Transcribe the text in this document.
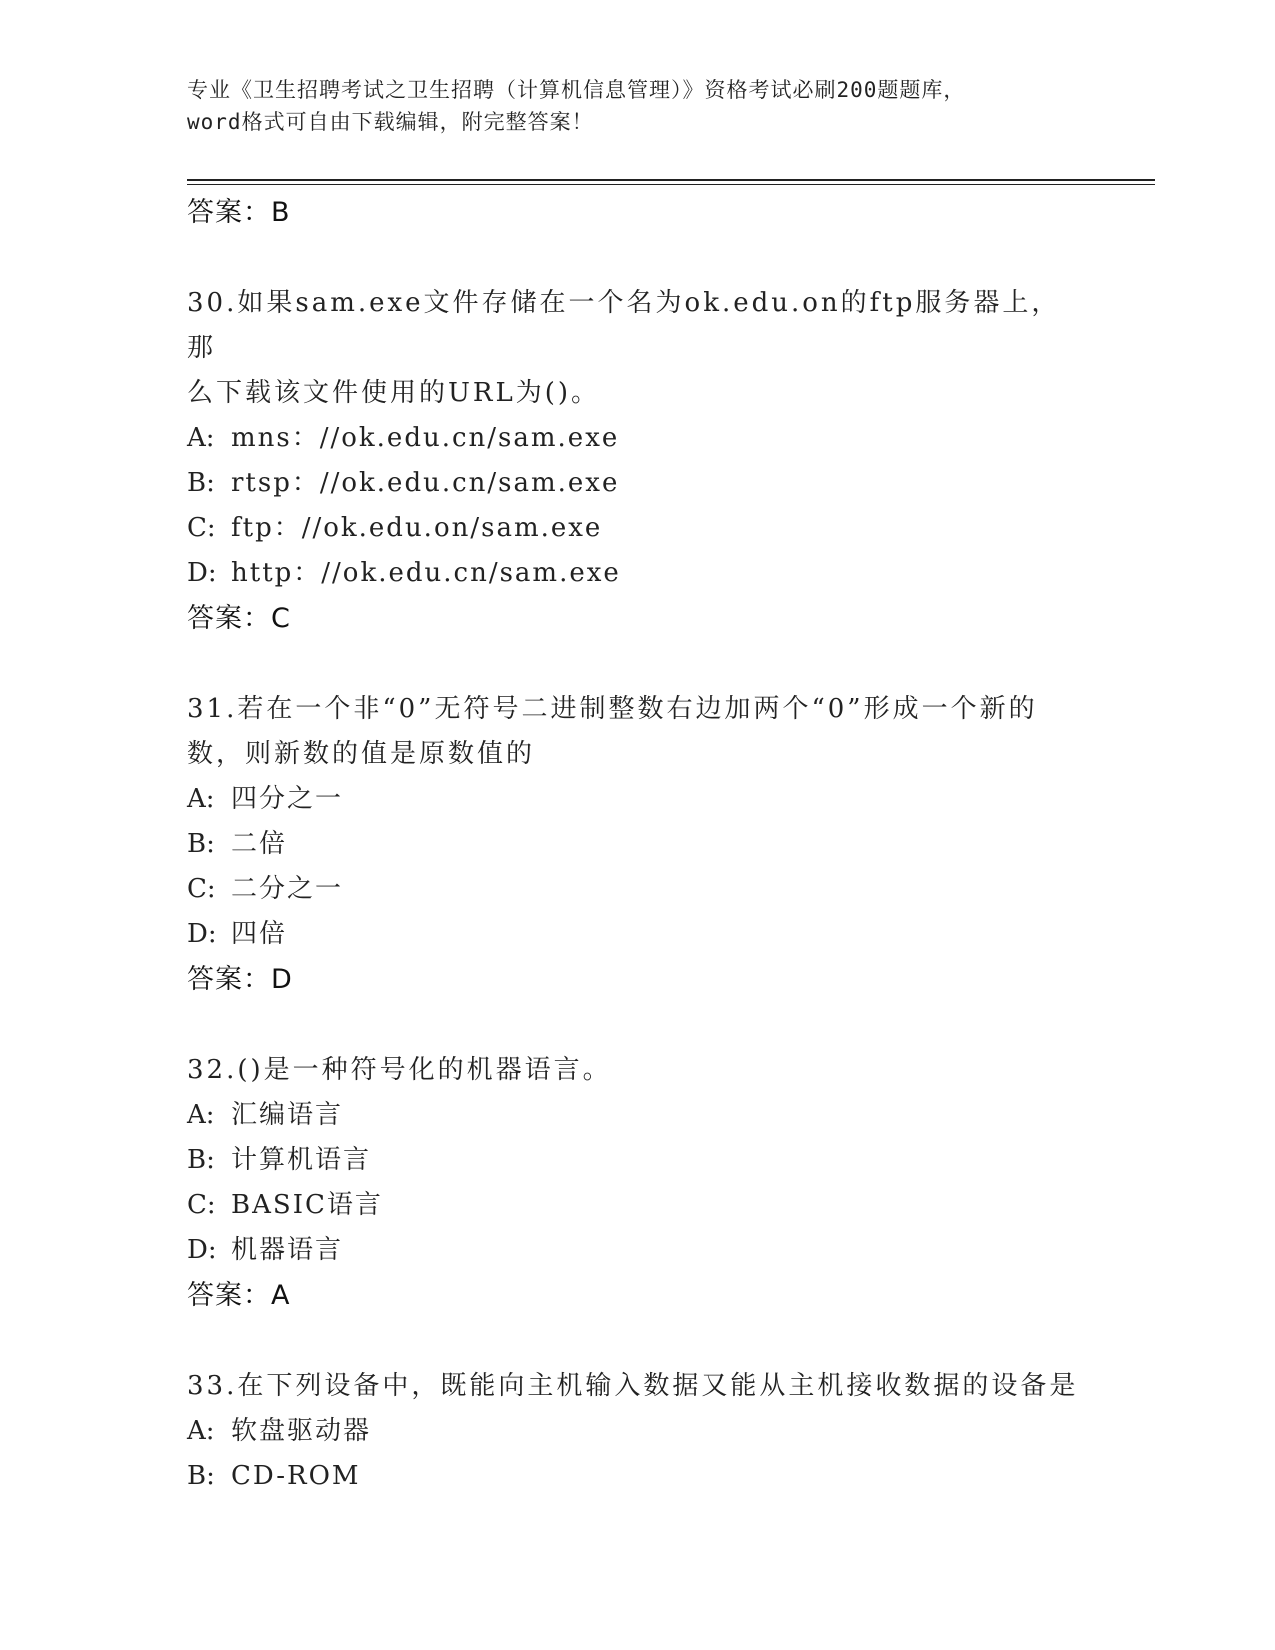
专业《卫生招聘考试之卫生招聘（计算机信息管理）》资格考试必刷200题题库，
word格式可自由下载编辑，附完整答案！
答案：B
30.如果sam.exe文件存储在一个名为ok.edu.on的ftp服务器上，那
么下载该文件使用的URL为()。
A: mns：//ok.edu.cn/sam.exe
B: rtsp：//ok.edu.cn/sam.exe
C: ftp：//ok.edu.on/sam.exe
D: http：//ok.edu.cn/sam.exe
答案：C
31.若在一个非“0”无符号二进制整数右边加两个“0”形成一个新的
数，则新数的值是原数值的
A: 四分之一
B: 二倍
C: 二分之一
D: 四倍
答案：D
32.()是一种符号化的机器语言。
A: 汇编语言
B: 计算机语言
C: BASIC语言
D: 机器语言
答案：A
33.在下列设备中，既能向主机输入数据又能从主机接收数据的设备是
A: 软盘驱动器
B: CD-ROM
